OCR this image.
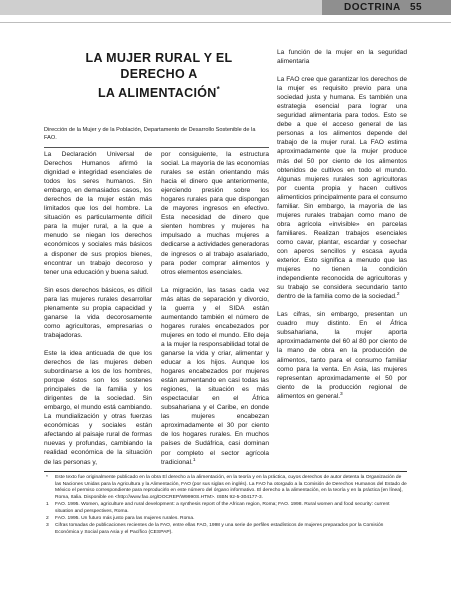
DOCTRINA 55
LA MUJER RURAL Y EL DERECHO A
LA ALIMENTACIÓN*
Dirección de la Mujer y de la Población, Departamento de Desarrollo Sostenible de la FAO.

La Declaración Universal de Derechos Humanos afirmó la dignidad e integridad esenciales de todos los seres humanos. Sin embargo, en demasiados casos, los derechos de la mujer están más limitados que los del hombre. La situación es particularmente difícil para la mujer rural, a la que a menudo se niegan los derechos económicos y sociales más básicos a disponer de sus propios bienes, encontrar un trabajo decoroso y tener una educación y buena salud.

Sin esos derechos básicos, es difícil para las mujeres rurales desarrollar plenamente su propia capacidad y ganarse la vida decorosamente como agricultoras, empresarias o trabajadoras.

Este la idea anticuada de que los derechos de las mujeres deben subordinarse a los de los hombres, porque éstos son los sostenes principales de la familia y los dirigentes de la sociedad. Sin embargo, el mundo está cambiando. La mundialización y otras fuerzas económicas y sociales están afectando al paisaje rural de formas nuevas y profundas, cambiando la realidad económica de la situación de las personas y,

por consiguiente, la estructura social. La mayoría de las economías rurales se están orientando más hacia el dinero que anteriormente, ejerciendo presión sobre los hogares rurales para que dispongan de mayores ingresos en efectivo. Esta necesidad de dinero que sienten hombres y mujeres ha impulsado a muchas mujeres a dedicarse a actividades generadoras de ingresos o al trabajo asalariado, para poder comprar alimentos y otros elementos esenciales.

La migración, las tasas cada vez más altas de separación y divorcio, la guerra y el SIDA están aumentando también el número de hogares rurales encabezados por mujeres en todo el mundo. Ello deja a la mujer la responsabilidad total de ganarse la vida y criar, alimentar y educar a los hijos. Aunque los hogares encabezados por mujeres están aumentando en casi todas las regiones, la situación es más espectacular en el África subsahariana y el Caribe, en donde las mujeres encabezan aproximadamente el 30 por ciento de los hogares rurales. En muchos países de Sudáfrica, casi dominan por completo el sector agrícola tradicional.$^1$

La función de la mujer en la seguridad alimentaria

La FAO cree que garantizar los derechos de la mujer es requisito previo para una sociedad justa y humana. Es también una estrategia esencial para lograr una seguridad alimentaria para todos. Esto se debe a que el acceso general de las personas a los alimentos depende del trabajo de la mujer rural. La FAO estima aproximadamente que la mujer produce más del 50 por ciento de los alimentos obtenidos de cultivos en todo el mundo. Algunas mujeres rurales son agricultoras por cuenta propia y hacen cultivos alimenticios principalmente para el consumo familiar. Sin embargo, la mayoría de las mujeres rurales trabajan como mano de obra agrícola «invisible» en parcelas familiares. Realizan trabajos esenciales como cavar, plantar, escardar y cosechar con aperos sencillos y escasa ayuda exterior. Esto significa a menudo que las mujeres no tienen la condición independiente reconocida de agricultoras y su trabajo se considera secundario tanto dentro de la familia como de la sociedad.$^2$

Las cifras, sin embargo, presentan un cuadro muy distinto. En el África subsahariana, la mujer aporta aproximadamente del 60 al 80 por ciento de la mano de obra en la producción de alimentos, tanto para el consumo familiar como para la venta. En Asia, las mujeres representan aproximadamente el 50 por ciento de la producción regional de alimentos en general.$^3$

* Este texto fue originalmente publicado en la obra El derecho a la alimentación, en la teoría y en la práctica, cuyos derechos de autor detenta la Organización de las Naciones Unidas para la Agricultura y la Alimentación, FAO (por sus siglas en inglés). La FAO ha otorgado a la Comisión de Derechos Humanos del Estado de México el permiso correspondiente para reproducirlo en este número del órgano informativo. El derecho a la alimentación, en la teoría y en la práctica [en línea], Roma, Italia. Disponible en <http://www.fao.org/DOCREP/W9990S.HTM>. ISBN 92-5-304177-3.
1 FAO. 1995. Women, agriculture and rural development: a synthesis report of the African region, Roma; FAO. 1998. Rural women and food security: current situation and perspectives, Roma.
2 FAO. 1995. Un futuro más justo para las mujeres rurales. Roma.
3 Cifras tomadas de publicaciones recientes de la FAO, entre ellas FAO, 1998 y una serie de perfiles estadísticos de mujeres preparados por la Comisión Económica y Social para Asia y el Pacífico (CESPAP).
